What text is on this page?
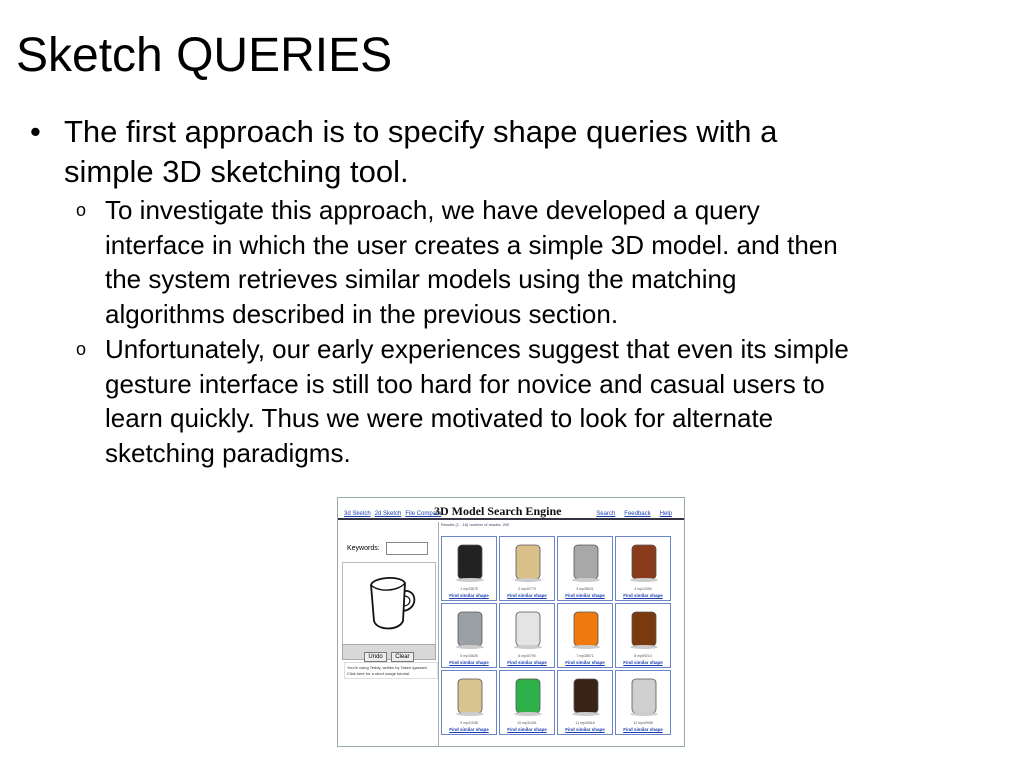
Sketch QUERIES
• The first approach is to specify shape queries with a
simple 3D sketching tool.
o To investigate this approach, we have developed a query
interface in which the user creates a simple 3D model. and then
the system retrieves similar models using the matching
algorithms described in the previous section.
o Unfortunately, our early experiences suggest that even its simple
gesture interface is still too hard for novice and casual users to
learn quickly. Thus we were motivated to look for alternate
sketching paradigms.
3d Sketch 2d Sketch File Compare
3D Model Search Engine	Search Feedback Help
Keywords:
Undo Clear
You're using Teddy, written by Takeo Igarashi. Click here for a short usage tutorial.
Results (1 - 16) number of results: 200
1 mp33675
Find similar shape
2 mp40779
Find similar shape
3 mp38021
Find similar shape
4 mp12054
Find similar shape
5 mp15626
Find similar shape
6 mp40790
Find similar shape
7 mp38571
Find similar shape
8 mp59214
Find similar shape
9 mp31938
Find similar shape
10 mp31491
Find similar shape
11 mp40816
Find similar shape
12 mp40908
Find similar shape
